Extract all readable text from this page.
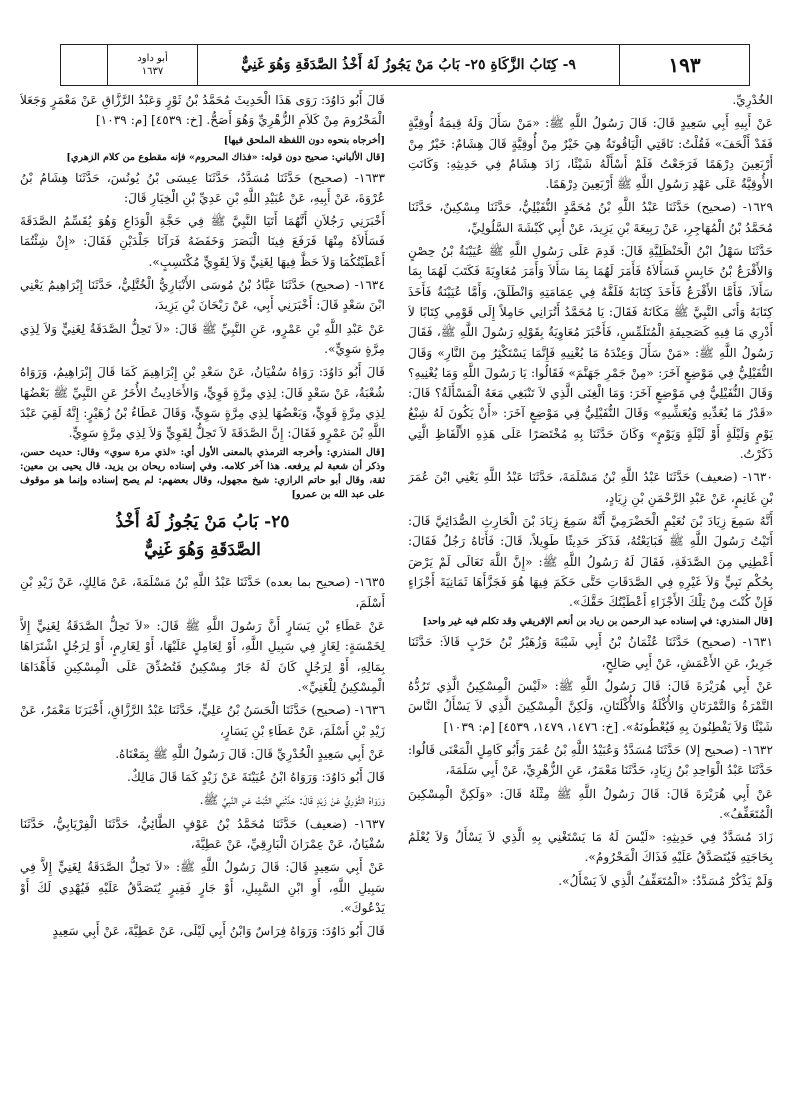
١٩٣
٩- كِتَابُ الزَّكَاةِ ٢٥- بَابُ مَنْ يَجُوزُ لَهُ أَخْذُ الصَّدَقَةِ وَهُوَ غَنِيٌّ
أبو داود
١٦٣٧

الخُدْرِيِّ.

عَنْ أَبِيهِ أَبِي سَعِيدٍ قَالَ: قَالَ رَسُولُ اللَّهِ ﷺ: «مَنْ سَأَلَ وَلَهُ قِيمَةُ أُوقِيَّةٍ فَقَدْ أَلْحَفَ» فَقُلْتُ: نَاقَتِي الْيَاقُوتَةُ هِيَ خَيْرٌ مِنْ أُوقِيَّةٍ قَالَ هِشَامٌ: خَيْرٌ مِنْ أَرْبَعِينَ دِرْهَمًا فَرَجَعْتُ فَلَمْ أَسْأَلْهُ شَيْئًا، زَادَ هِشَامٌ فِي حَدِيثِهِ: وَكَانَتِ الأُوقِيَّةُ عَلَى عَهْدِ رَسُولِ اللَّهِ ﷺ أَرْبَعِينَ دِرْهَمًا.

١٦٢٩- (صحيح) حَدَّثَنَا عَبْدُ اللَّهِ بْنُ مُحَمَّدٍ النُّفَيْلِيُّ، حَدَّثَنَا مِسْكِينٌ، حَدَّثَنَا مُحَمَّدُ بْنُ الْمُهَاجِرِ، عَنْ رَبِيعَةَ بْنِ يَزِيدَ، عَنْ أَبِي كَبْشَةَ السَّلُولِيِّ،

حَدَّثَنَا سَهْلُ ابْنُ الْحَنْظَلِيَّةِ قَالَ: قَدِمَ عَلَى رَسُولِ اللَّهِ ﷺ عُيَيْنَةُ بْنُ حِصْنٍ وَالأَقْرَعُ بْنُ حَابِسٍ فَسَأَلاَهُ فَأَمَرَ لَهُمَا بِمَا سَأَلاَ وَأَمَرَ مُعَاوِيَةَ فَكَتَبَ لَهُمَا بِمَا سَأَلاَ، فَأَمَّا الأَقْرَعُ فَأَخَذَ كِتَابَهُ فَلَفَّهُ فِي عِمَامَتِهِ وَانْطَلَقَ، وَأَمَّا عُيَيْنَةُ فَأَخَذَ كِتَابَهُ وَأَتَى النَّبِيَّ ﷺ مَكَانَهُ فَقَالَ: يَا مُحَمَّدُ أَتُرَانِي حَامِلاً إِلَى قَوْمِي كِتَابًا لاَ أَدْرِي مَا فِيهِ كَصَحِيفَةِ الْمُتَلَمِّسِ، فَأَخْبَرَ مُعَاوِيَةُ بِقَوْلِهِ رَسُولَ اللَّهِ ﷺ، فَقَالَ رَسُولُ اللَّهِ ﷺ: «مَنْ سَأَلَ وَعِنْدَهُ مَا يُغْنِيهِ فَإِنَّمَا يَسْتَكْثِرُ مِنَ النَّارِ» وَقَالَ النُّفَيْلِيُّ فِي مَوْضِعٍ آخَرَ: «مِنْ جَمْرِ جَهَنَّمَ» فَقَالُوا: يَا رَسُولَ اللَّهِ وَمَا يُغْنِيهِ؟ وَقَالَ النُّفَيْلِيُّ فِي مَوْضِعٍ آخَرَ: وَمَا الْغِنَى الَّذِي لاَ تَنْبَغِي مَعَهُ الْمَسْأَلَةُ؟ قَالَ: «قَدْرُ مَا يُغَدِّيهِ وَيُعَشِّيهِ» وَقَالَ النُّفَيْلِيُّ فِي مَوْضِعٍ آخَرَ: «أَنْ يَكُونَ لَهُ شِبْعُ يَوْمٍ وَلَيْلَةٍ أَوْ لَيْلَةٍ وَيَوْمٍ» وَكَانَ حَدَّثَنَا بِهِ مُخْتَصَرًا عَلَى هَذِهِ الأَلْفَاظِ الَّتِي ذَكَرْتُ.

١٦٣٠- (ضعيف) حَدَّثَنَا عَبْدُ اللَّهِ بْنُ مَسْلَمَةَ، حَدَّثَنَا عَبْدُ اللَّهِ يَعْنِي ابْنَ عُمَرَ بْنِ غَانِمٍ، عَنْ عَبْدِ الرَّحْمَنِ بْنِ زِيَادٍ،

أَنَّهُ سَمِعَ زِيَادَ بْنَ نُعَيْمٍ الْحَضْرَمِيَّ أَنَّهُ سَمِعَ زِيَادَ بْنَ الْحَارِثِ الصُّدَائِيَّ قَالَ: أَتَيْتُ رَسُولَ اللَّهِ ﷺ فَبَايَعْتُهُ، فَذَكَرَ حَدِيثًا طَوِيلاً، قَالَ: فَأَتَاهُ رَجُلٌ فَقَالَ: أَعْطِنِي مِنَ الصَّدَقَةِ، فَقَالَ لَهُ رَسُولُ اللَّهِ ﷺ: «إِنَّ اللَّهَ تَعَالَى لَمْ يَرْضَ بِحُكْمِ نَبِيٍّ وَلاَ غَيْرِهِ فِي الصَّدَقَاتِ حَتَّى حَكَمَ فِيهَا هُوَ فَجَزَّأَهَا ثَمَانِيَةَ أَجْزَاءٍ فَإِنْ كُنْتَ مِنْ تِلْكَ الأَجْزَاءِ أَعْطَيْتُكَ حَقَّكَ».

[قال المنذري: في إسناده عبد الرحمن بن زياد بن أنعم الإفريقي وقد تكلم فيه غير واحد]

١٦٣١- (صحيح) حَدَّثَنَا عُثْمَانُ بْنُ أَبِي شَيْبَةَ وَزُهَيْرُ بْنُ حَرْبٍ قَالاَ: حَدَّثَنَا جَرِيرٌ، عَنِ الأَعْمَشِ، عَنْ أَبِي صَالِحٍ،

عَنْ أَبِي هُرَيْرَةَ قَالَ: قَالَ رَسُولُ اللَّهِ ﷺ: «لَيْسَ الْمِسْكِينُ الَّذِي تَرُدُّهُ التَّمْرَةُ وَالتَّمْرَتَانِ وَالأُكْلَةُ وَالأُكْلَتَانِ، وَلَكِنَّ الْمِسْكِينَ الَّذِي لاَ يَسْأَلُ النَّاسَ شَيْئًا وَلاَ يَفْطِنُونَ بِهِ فَيُعْطُونَهُ». [خ: ١٤٧٦، ١٤٧٩، ٤٥٣٩] [م: ١٠٣٩]

١٦٣٢- (صحيح إلا) حَدَّثَنَا مُسَدَّدٌ وَعُبَيْدُ اللَّهِ بْنُ عُمَرَ وَأَبُو كَامِلٍ الْمَعْنَى قَالُوا: حَدَّثَنَا عَبْدُ الْوَاحِدِ بْنُ زِيَادٍ، حَدَّثَنَا مَعْمَرٌ، عَنِ الزُّهْرِيِّ، عَنْ أَبِي سَلَمَةَ،

عَنْ أَبِي هُرَيْرَةَ قَالَ: قَالَ رَسُولُ اللَّهِ ﷺ مِثْلَهُ قَالَ: «وَلَكِنَّ الْمِسْكِينَ الْمُتَعَفِّفُ».

زَادَ مُسَدَّدٌ فِي حَدِيثِهِ: «لَيْسَ لَهُ مَا يَسْتَغْنِي بِهِ الَّذِي لاَ يَسْأَلُ وَلاَ يُعْلَمُ بِحَاجَتِهِ فَيُتَصَدَّقُ عَلَيْهِ فَذَاكَ الْمَحْرُومُ».

وَلَمْ يَذْكُرْ مُسَدَّدٌ: «الْمُتَعَفِّفُ الَّذِي لاَ يَسْأَلُ».

قَالَ أَبُو دَاوُدَ: رَوَى هَذَا الْحَدِيثَ مُحَمَّدُ بْنُ ثَوْرٍ وَعَبْدُ الرَّزَّاقِ عَنْ مَعْمَرٍ وَجَعَلاَ الْمَحْرُومَ مِنْ كَلاَمِ الزُّهْرِيِّ وَهُوَ أَصَحُّ. [خ: ٤٥٣٩] [م: ١٠٣٩]

[أخرجاه بنحوه دون اللفظة الملحق فيها]

[قال الألباني: صحيح دون قوله: «فذاك المحروم» فإنه مقطوع من كلام الزهري]

١٦٣٣- (صحيح) حَدَّثَنَا مُسَدَّدٌ، حَدَّثَنَا عِيسَى بْنُ يُونُسَ، حَدَّثَنَا هِشَامُ بْنُ عُرْوَةَ، عَنْ أَبِيهِ، عَنْ عُبَيْدِ اللَّهِ بْنِ عَدِيِّ بْنِ الْخِيَارِ قَالَ:

أَخْبَرَنِي رَجُلاَنِ أَنَّهُمَا أَتَيَا النَّبِيَّ ﷺ فِي حَجَّةِ الْوَدَاعِ وَهُوَ يُقَسِّمُ الصَّدَقَةَ فَسَأَلاَهُ مِنْهَا فَرَفَعَ فِينَا الْبَصَرَ وَخَفَضَهُ فَرَآنَا جَلْدَيْنِ فَقَالَ: «إِنْ شِئْتُمَا أَعْطَيْتُكُمَا وَلاَ حَظَّ فِيهَا لِغَنِيٍّ وَلاَ لِقَوِيٍّ مُكْتَسِبٍ».

١٦٣٤- (صحيح) حَدَّثَنَا عَبَّادُ بْنُ مُوسَى الأَنْبَارِيُّ الْخُتَّلِيُّ، حَدَّثَنَا إِبْرَاهِيمُ يَعْنِي ابْنَ سَعْدٍ قَالَ: أَخْبَرَنِي أَبِي، عَنْ رَيْحَانَ بْنِ يَزِيدَ،

عَنْ عَبْدِ اللَّهِ بْنِ عَمْرٍو، عَنِ النَّبِيِّ ﷺ قَالَ: «لاَ تَحِلُّ الصَّدَقَةُ لِغَنِيٍّ وَلاَ لِذِي مِرَّةٍ سَوِيٍّ».

قَالَ أَبُو دَاوُدَ: رَوَاهُ سُفْيَانُ، عَنْ سَعْدِ بْنِ إِبْرَاهِيمَ كَمَا قَالَ إِبْرَاهِيمُ، وَرَوَاهُ شُعْبَةُ، عَنْ سَعْدٍ قَالَ: لِذِي مِرَّةٍ قَوِيٍّ، وَالأَحَادِيثُ الأُخَرُ عَنِ النَّبِيِّ ﷺ بَعْضُهَا لِذِي مِرَّةٍ قَوِيٍّ، وَبَعْضُهَا لِذِي مِرَّةٍ سَوِيٍّ، وَقَالَ عَطَاءُ بْنُ زُهَيْرٍ: إِنَّهُ لَقِيَ عَبْدَ اللَّهِ بْنَ عَمْرٍو فَقَالَ: إِنَّ الصَّدَقَةَ لاَ تَحِلُّ لِقَوِيٍّ وَلاَ لِذِي مِرَّةٍ سَوِيٍّ.

[قال المنذري: وأخرجه الترمذي بالمعنى الأول أي: «لذي مرة سوي» وقال: حديث حسن، وذكر أن شعبة لم يرفعه. هذا آخر كلامه. وفي إسناده ريحان بن يزيد. قال يحيى بن معين: ثقة، وقال أبو حاتم الرازي: شيخ مجهول، وقال بعضهم: لم يصح إسناده وإنما هو موقوف على عبد الله بن عمرو]

٢٥- بَابُ مَنْ يَجُوزُ لَهُ أَخْذُ
الصَّدَقَةِ وَهُوَ غَنِيٌّ

١٦٣٥- (صحيح بما بعده) حَدَّثَنَا عَبْدُ اللَّهِ بْنُ مَسْلَمَةَ، عَنْ مَالِكٍ، عَنْ زَيْدِ بْنِ أَسْلَمَ،

عَنْ عَطَاءِ بْنِ يَسَارٍ أَنَّ رَسُولَ اللَّهِ ﷺ قَالَ: «لاَ تَحِلُّ الصَّدَقَةُ لِغَنِيٍّ إِلاَّ لِخَمْسَةٍ: لِغَازٍ فِي سَبِيلِ اللَّهِ، أَوْ لِعَامِلٍ عَلَيْهَا، أَوْ لِغَارِمٍ، أَوْ لِرَجُلٍ اشْتَرَاهَا بِمَالِهِ، أَوْ لِرَجُلٍ كَانَ لَهُ جَارٌ مِسْكِينٌ فَتُصُدِّقَ عَلَى الْمِسْكِينِ فَأَهْدَاهَا الْمِسْكِينُ لِلْغَنِيِّ».

١٦٣٦- (صحيح) حَدَّثَنَا الْحَسَنُ بْنُ عَلِيٍّ، حَدَّثَنَا عَبْدُ الرَّزَّاقِ، أَخْبَرَنَا مَعْمَرٌ، عَنْ زَيْدِ بْنِ أَسْلَمَ، عَنْ عَطَاءِ بْنِ يَسَارٍ،

عَنْ أَبِي سَعِيدٍ الْخُدْرِيِّ قَالَ: قَالَ رَسُولُ اللَّهِ ﷺ بِمَعْنَاهُ.

قَالَ أَبُو دَاوُدَ: وَرَوَاهُ ابْنُ عُيَيْنَةَ عَنْ زَيْدٍ كَمَا قَالَ مَالِكٌ.

وَرَوَاهُ الثَّوْرِيُّ عَنْ زَيْدٍ قَالَ: حَدَّثَنِي الثَّبْتُ عَنِ النَّبِيِّ ﷺ.

١٦٣٧- (ضعيف) حَدَّثَنَا مُحَمَّدُ بْنُ عَوْفٍ الطَّائِيُّ، حَدَّثَنَا الْفِرْيَابِيُّ، حَدَّثَنَا سُفْيَانُ، عَنْ عِمْرَانَ الْبَارِقِيِّ، عَنْ عَطِيَّةَ،

عَنْ أَبِي سَعِيدٍ قَالَ: قَالَ رَسُولُ اللَّهِ ﷺ: «لاَ تَحِلُّ الصَّدَقَةُ لِغَنِيٍّ إِلاَّ فِي سَبِيلِ اللَّهِ، أَوِ ابْنِ السَّبِيلِ، أَوْ جَارٍ فَقِيرٍ يُتَصَدَّقُ عَلَيْهِ فَيُهْدِي لَكَ أَوْ يَدْعُوكَ».

قَالَ أَبُو دَاوُدَ: وَرَوَاهُ فِرَاسٌ وَابْنُ أَبِي لَيْلَى، عَنْ عَطِيَّةَ، عَنْ أَبِي سَعِيدٍ
